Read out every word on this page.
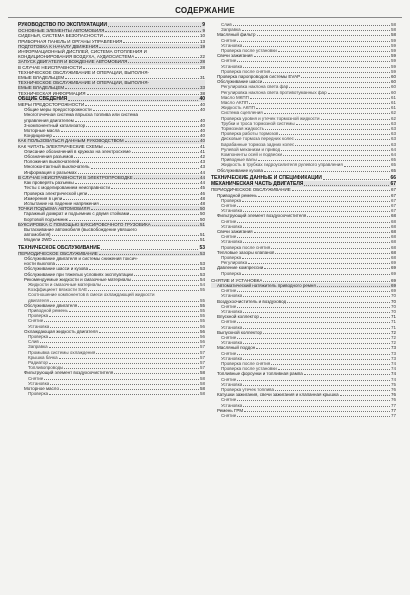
СОДЕРЖАНИЕ
РУКОВОДСТВО ПО ЭКСПЛУАТАЦИИ	9
ОСНОВНЫЕ ЭЛЕМЕНТЫ АВТОМОБИЛЯ	9
СИДЕНЬЯ, СИСТЕМА БЕЗОПАСНОСТИ	10
ПРИБОРНАЯ ПАНЕЛЬ И ОРГАНЫ УПРАВЛЕНИЯ	13
ПОДГОТОВКА К НАЧАЛУ ДВИЖЕНИЯ	19
ИНФОРМАЦИОННЫЙ ДИСПЛЕЙ, СИСТЕМА ОТОПЛЕНИЯ И
КОНДИЦИОНИРОВАНИЯ ВОЗДУХА, АУДИОСИСТЕМА	22
ЗАПУСК ДВИГАТЕЛЯ И ВОЖДЕНИЕ АВТОМОБИЛЯ	28
В СЛУЧАЕ НЕИСПРАВНОСТИ	28
ТЕХНИЧЕСКОЕ ОБСЛУЖИВАНИЕ И ОПЕРАЦИИ, ВЫПОЛНЯ-
ЕМЫЕ ВЛАДЕЛЬЦЕМ	31
ТЕХНИЧЕСКОЕ ОБСЛУЖИВАНИЕ И ОПЕРАЦИИ, ВЫПОЛНЯ-
ЕМЫЕ ВЛАДЕЛЬЦЕМ	33
ТЕХНИЧЕСКАЯ ИНФОРМАЦИЯ	38
ОБЩИЕ СВЕДЕНИЯ	40
МЕРЫ ПРЕДОСТОРОЖНОСТИ	40
Общие меры предосторожности	40
Многоточечная система впрыска топлива или система
управления двигателем	40
3-компонентный катализатор	40
Моторные масла	40
Кондиционер	40
КАК ПОЛЬЗОВАТЬСЯ ДАННЫМ РУКОВОДСТВОМ	40
КАК ЧИТАТЬ ЭЛЕКТРИЧЕСКИЕ СХЕМЫ	41
Описание обозначений в кружках на электросхеме	41
Обозначения разъемов	42
Положения выключателей	43
Многоконтактный выключатель	43
Информация о разъемах	44
В СЛУЧАЕ НЕИСПРАВНОСТИ В ЭЛЕКТРОПРОВОДКЕ	44
Как проверять разъемы	44
Тесты с моделированием неисправности	45
Проверка электрической цепи	46
Измерения в цепи	48
Испытание на падение напряжения	48
ТОЧКИ ПОДЪЕМА АВТОМОБИЛЯ	50
Гаражный домкрат и подъемник с двумя стойками	50
Бортовой подъемник	50
БУКСИРОВКА С ПОМОЩЬЮ БУКСИРОВОЧНОГО ГРУЗОВИКА	51
Вытаскивание автомобиля (высвобождение увязшего
автомобиля)	51
Модели 2WD	51
ТЕХНИЧЕСКОЕ ОБСЛУЖИВАНИЕ	53
ПЕРИОДИЧЕСКОЕ ОБСЛУЖИВАНИЕ	53
Обслуживание двигателя и системы снижения токсич-
ности выхлопа	53
Обслуживание шасси и кузова	53
Обслуживание при тяжелых условиях эксплуатации	53
Рекомендуемые жидкости и смазочные материалы	54
Жидкости и смазочные материалы	54
Коэффициент вязкости SAE	55
Соотношение компонентов в смеси охлаждающей жидкости
двигателя	55
Обслуживание двигателя	55
Приводной ремень	55
Проверка	55
Снятие	55
Установка	56
Охлаждающая жидкость двигателя	56
Проверка	56
Слив	56
Заправка	57
Промывка системы охлаждения	57
Крышка бачка	57
Радиатор	57
Топливопроводы	57
Фильтрующий элемент воздухоочистителя	58
Снятие	58
Установка	58
Моторное масло	58
Проверка	58
Слив	58
Заправка	58
Масляный фильтр	58
Снятие	59
Установка	59
Проверка после установки	59
Свечи зажигания	59
Снятие	59
Установка	59
Проверка после снятия	59
Проверка паропроводов системы EVAP	60
Обслуживание шасси	60
Регулировка наклона света фар	60
Регулировка наклона света противотуманных фар	60
Масло МКПП	61
Масло АКПП	61
Жидкость АКПП	61
Система сцепления	62
Проверка уровня и утечек тормозной жидкости	62
Трубки и троса тормозной системы	63
Тормозная жидкость	63
Проверка работы тормозов	63
Дисковые тормоза передних колес	63
Барабанные тормоза задних колес	63
Рулевой механизм и привод	64
Компоненты осей и подвески	64
Приводные валы	65
Жидкость в трубках гидроусилителя рулевого управления	65
Обслуживание кузова	65
ТЕХНИЧЕСКИЕ ДАННЫЕ И СПЕЦИФИКАЦИИ	66
МЕХАНИЧЕСКАЯ ЧАСТЬ ДВИГАТЕЛЯ	67
ПЕРИОДИЧЕСКОЕ ОБСЛУЖИВАНИЕ	67
Приводной ремень	67
Проверка	67
Снятие	67
Установка	67
Фильтрующий элемент воздухоочистителя	68
Снятие	68
Установка	68
Свечи зажигания	68
Снятие	68
Установка	68
Проверка после снятия	68
Тепловые зазоры клапанов	68
Проверка	68
Регулировка	69
Давление компрессии	69
Проверка	69
СНЯТИЕ И УСТАНОВКА	69
Автоматический натяжитель приводного ремня	69
Снятие	69
Установка	70
Воздухоочиститель и воздуховод	70
Снятие	70
Установка	70
Впускной коллектор	71
Снятие	71
Установка	71
Выпускной коллектор	72
Снятие	72
Установка	72
Масляный поддон	73
Снятие	73
Установка	73
Проверка после снятия	74
Проверка после установки	74
Топливные форсунки и топливная рампа	74
Снятие	74
Установка	75
Проверка утечек топлива	76
Катушки зажигания, свечи зажигания и клапанная крышка	76
Снятие	76
Установка	77
Ремень ГРМ	77
Снятие	77
